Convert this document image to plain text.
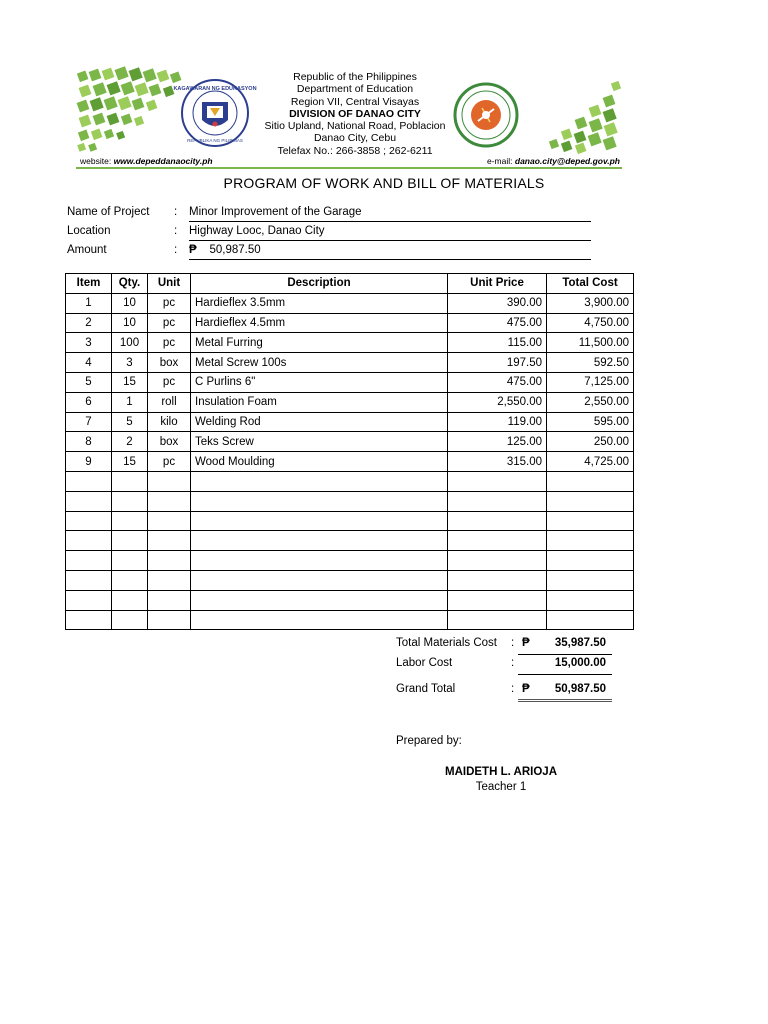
KAGAWARAN NG EDUKASYON
REPUBLIKA NG PILIPINAS
Republic of the Philippines
Department of Education
Region VII, Central Visayas
DIVISION OF DANAO CITY
Sitio Upland, National Road, Poblacion
Danao City, Cebu
Telefax No.: 266-3858 ; 262-6211
website: www.depeddanaocity.ph	e-mail: danao.city@deped.gov.ph
PROGRAM OF WORK AND BILL OF MATERIALS
Name of Project : Minor Improvement of the Garage
Location	: Highway Looc, Danao City
Amount	: ₱ 50,987.50
Item	Qty.	Unit	Description	Unit Price	Total Cost
1	10	pc	Hardieflex 3.5mm	390.00	3,900.00
2	10	pc	Hardieflex 4.5mm	475.00	4,750.00
3	100	pc	Metal Furring	115.00	11,500.00
4	3	box	Metal Screw 100s	197.50	592.50
5	15	pc	C Purlins 6"	475.00	7,125.00
6	1	roll	Insulation Foam	2,550.00	2,550.00
7	5	kilo	Welding Rod	119.00	595.00
8	2	box	Teks Screw	125.00	250.00
9	15	pc	Wood Moulding	315.00	4,725.00

Total Materials Cost : ₱	35,987.50
Labor Cost	:	15,000.00
Grand Total	: ₱	50,987.50
Prepared by:
MAIDETH L. ARIOJA
Teacher 1
